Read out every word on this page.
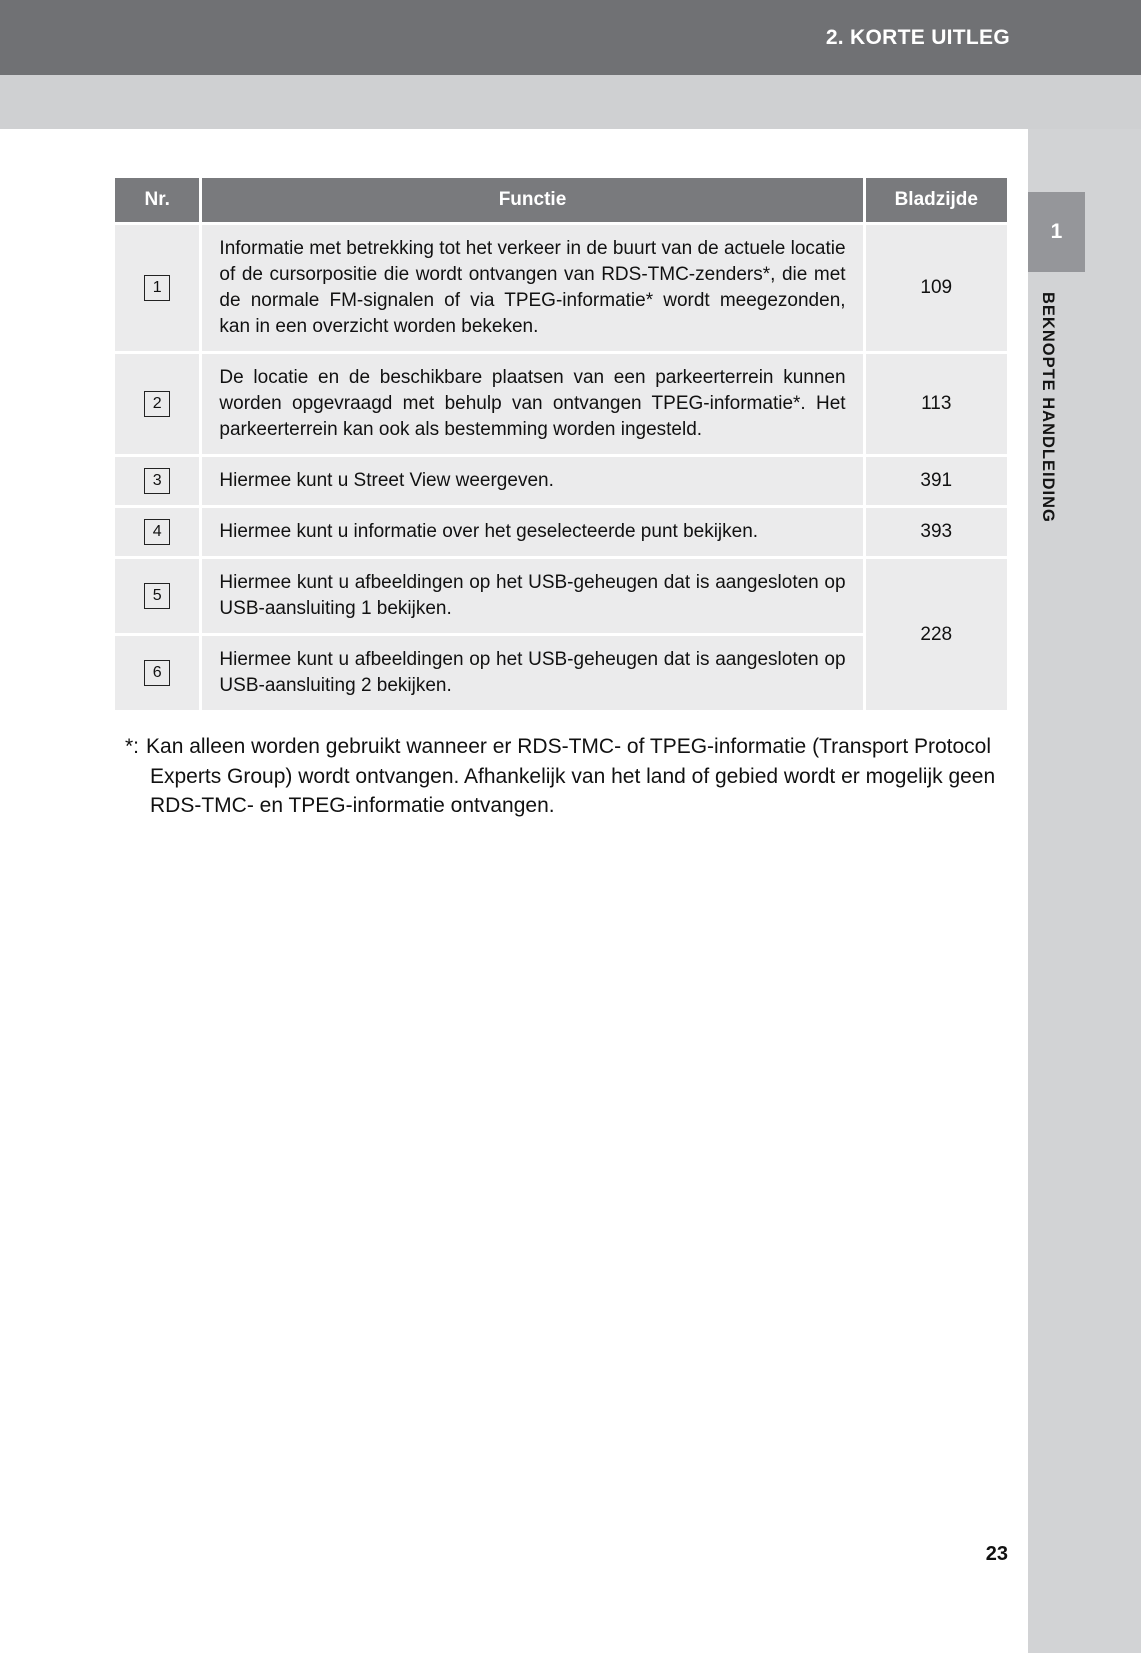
2. KORTE UITLEG
1
BEKNOPTE HANDLEIDING
Nr.	Functie	Bladzijde

1	Informatie met betrekking tot het verkeer in de buurt van de actuele locatie of de cursorpositie die wordt ontvangen van RDS-TMC-zenders*, die met de normale FM-signalen of via TPEG-informatie* wordt meegezonden, kan in een overzicht worden bekeken.	109

2	De locatie en de beschikbare plaatsen van een parkeerterrein kunnen worden opgevraagd met behulp van ontvangen TPEG-informatie*. Het parkeerterrein kan ook als bestemming worden ingesteld.	113

3	Hiermee kunt u Street View weergeven.	391

4	Hiermee kunt u informatie over het geselecteerde punt bekijken.	393

5	Hiermee kunt u afbeeldingen op het USB-geheugen dat is aangesloten op USB-aansluiting 1 bekijken.	228

6	Hiermee kunt u afbeeldingen op het USB-geheugen dat is aangesloten op USB-aansluiting 2 bekijken.	
*: Kan alleen worden gebruikt wanneer er RDS-TMC- of TPEG-informatie (Transport Protocol Experts Group) wordt ontvangen. Afhankelijk van het land of gebied wordt er mogelijk geen RDS-TMC- en TPEG-informatie ontvangen.
23
